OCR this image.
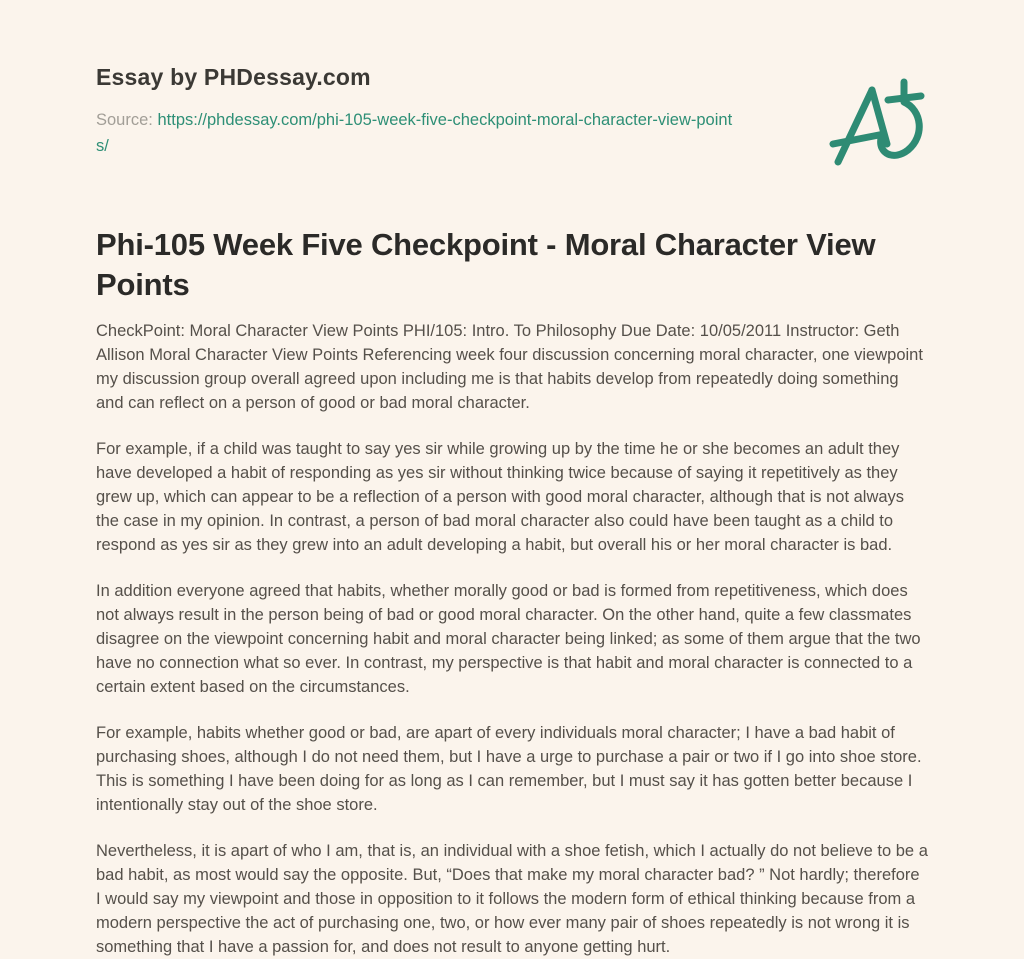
Essay by PHDessay.com
Source: https://phdessay.com/phi-105-week-five-checkpoint-moral-character-view-points/
Phi-105 Week Five Checkpoint - Moral Character View Points

CheckPoint: Moral Character View Points PHI/105: Intro. To Philosophy Due Date: 10/05/2011 Instructor: Geth Allison Moral Character View Points Referencing week four discussion concerning moral character, one viewpoint my discussion group overall agreed upon including me is that habits develop from repeatedly doing something and can reflect on a person of good or bad moral character.

For example, if a child was taught to say yes sir while growing up by the time he or she becomes an adult they have developed a habit of responding as yes sir without thinking twice because of saying it repetitively as they grew up, which can appear to be a reflection of a person with good moral character, although that is not always the case in my opinion. In contrast, a person of bad moral character also could have been taught as a child to respond as yes sir as they grew into an adult developing a habit, but overall his or her moral character is bad.

In addition everyone agreed that habits, whether morally good or bad is formed from repetitiveness, which does not always result in the person being of bad or good moral character. On the other hand, quite a few classmates disagree on the viewpoint concerning habit and moral character being linked; as some of them argue that the two have no connection what so ever. In contrast, my perspective is that habit and moral character is connected to a certain extent based on the circumstances.

For example, habits whether good or bad, are apart of every individuals moral character; I have a bad habit of purchasing shoes, although I do not need them, but I have a urge to purchase a pair or two if I go into shoe store. This is something I have been doing for as long as I can remember, but I must say it has gotten better because I intentionally stay out of the shoe store.

Nevertheless, it is apart of who I am, that is, an individual with a shoe fetish, which I actually do not believe to be a bad habit, as most would say the opposite. But, “Does that make my moral character bad? ” Not hardly; therefore I would say my viewpoint and those in opposition to it follows the modern form of ethical thinking because from a modern perspective the act of purchasing one, two, or how ever many pair of shoes repeatedly is not wrong it is something that I have a passion for, and does not result to anyone getting hurt.
